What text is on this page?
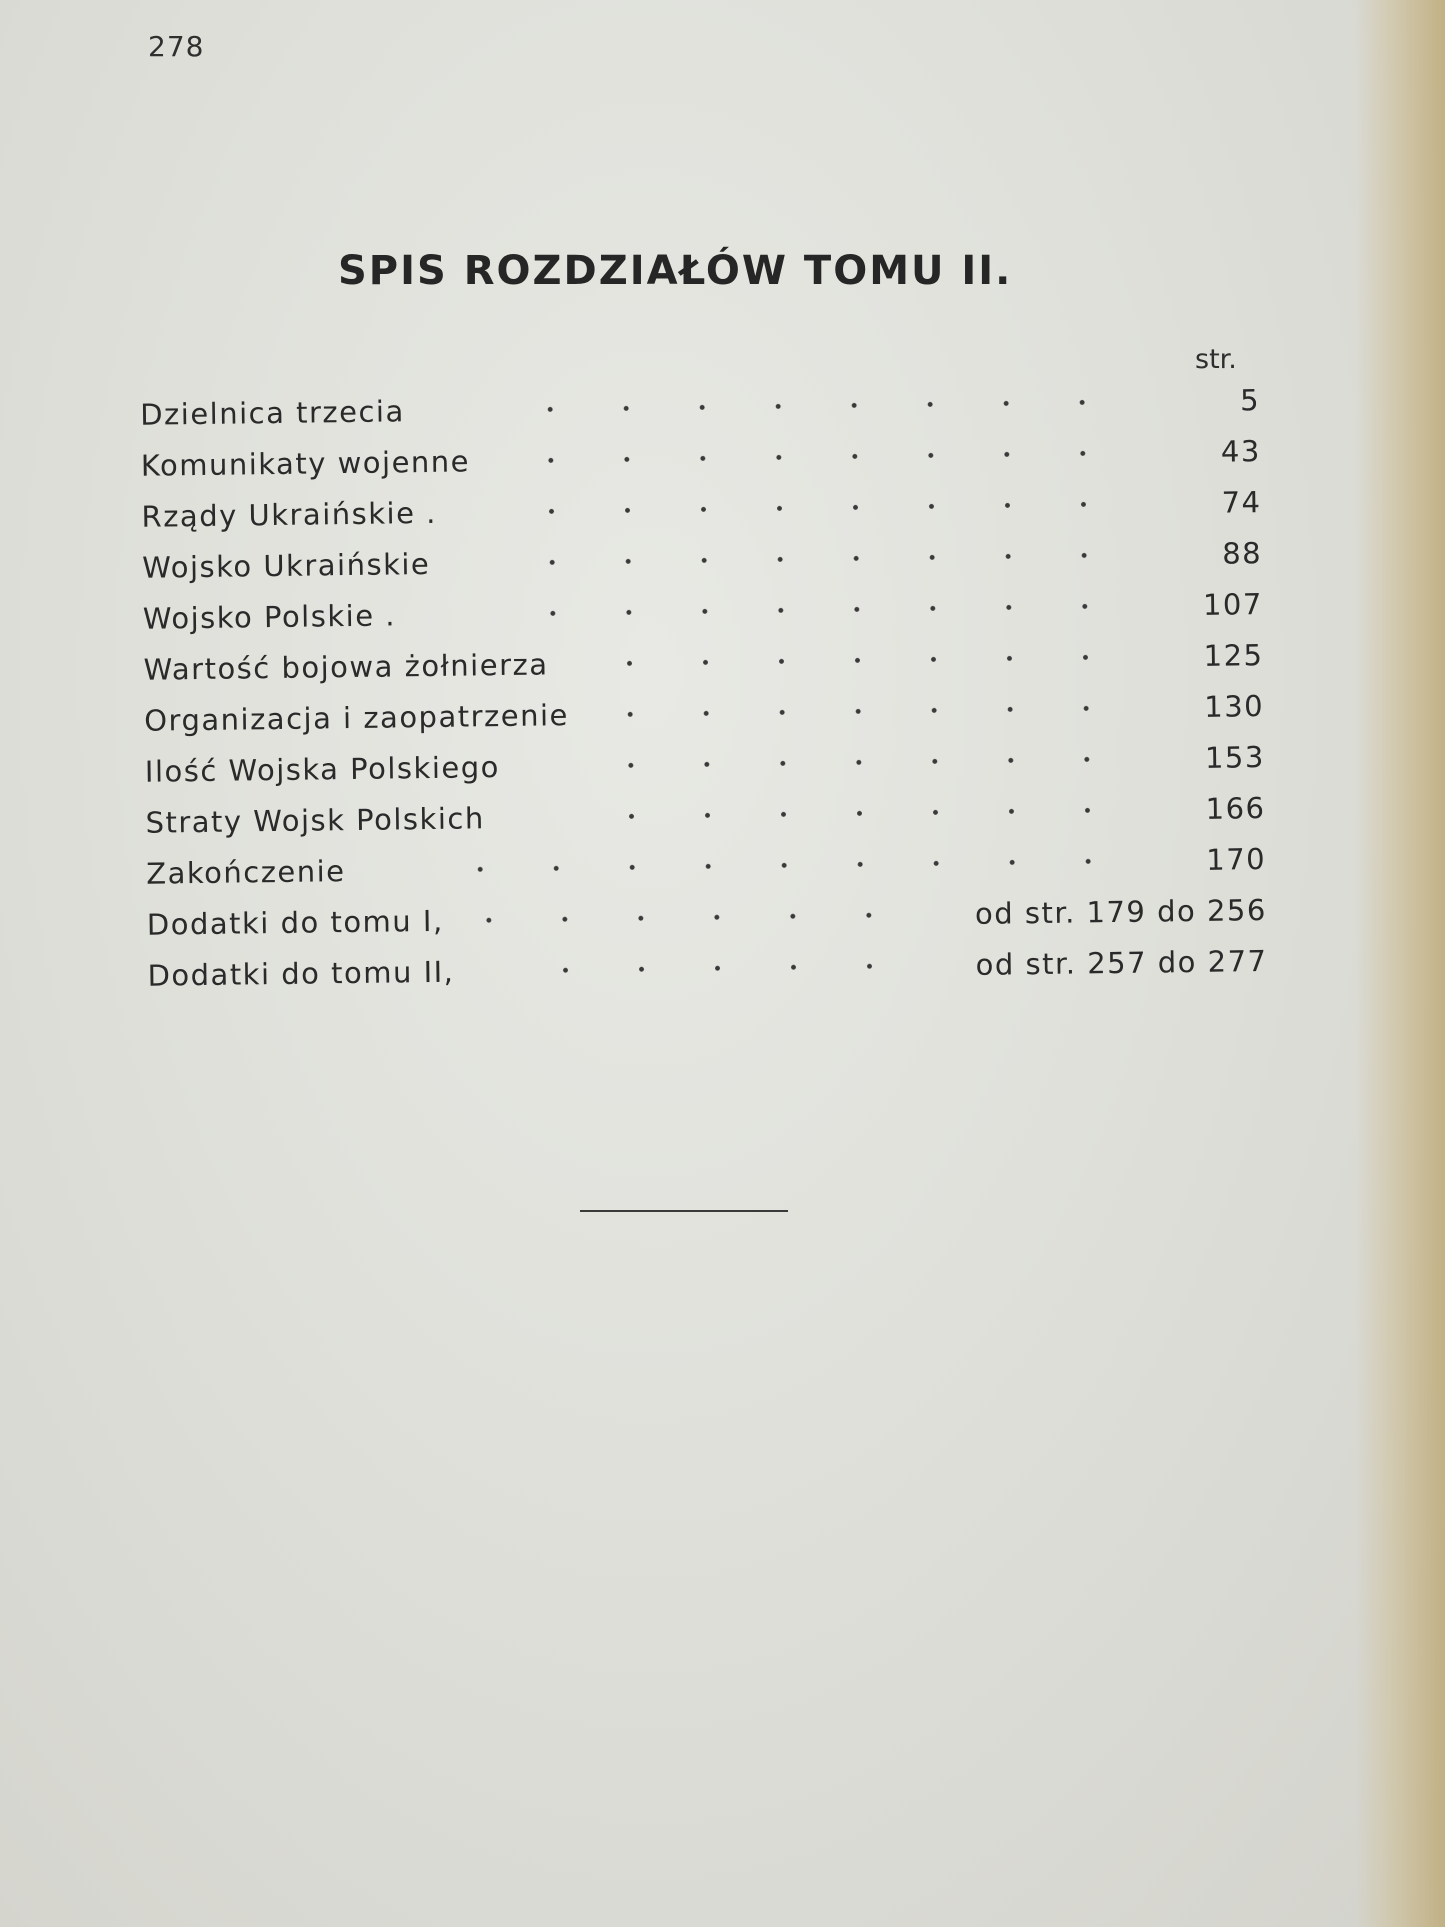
278
SPIS ROZDZIAŁÓW TOMU II.
str.
Dzielnica trzecia	5
Komunikaty wojenne	43
Rządy Ukraińskie .	74
Wojsko Ukraińskie	88
Wojsko Polskie .	107
Wartość bojowa żołnierza	125
Organizacja i zaopatrzenie	130
Ilość Wojska Polskiego	153
Straty Wojsk Polskich	166
Zakończenie	170
Dodatki do tomu I,	od str. 179 do 256
Dodatki do tomu II,	od str. 257 do 277
